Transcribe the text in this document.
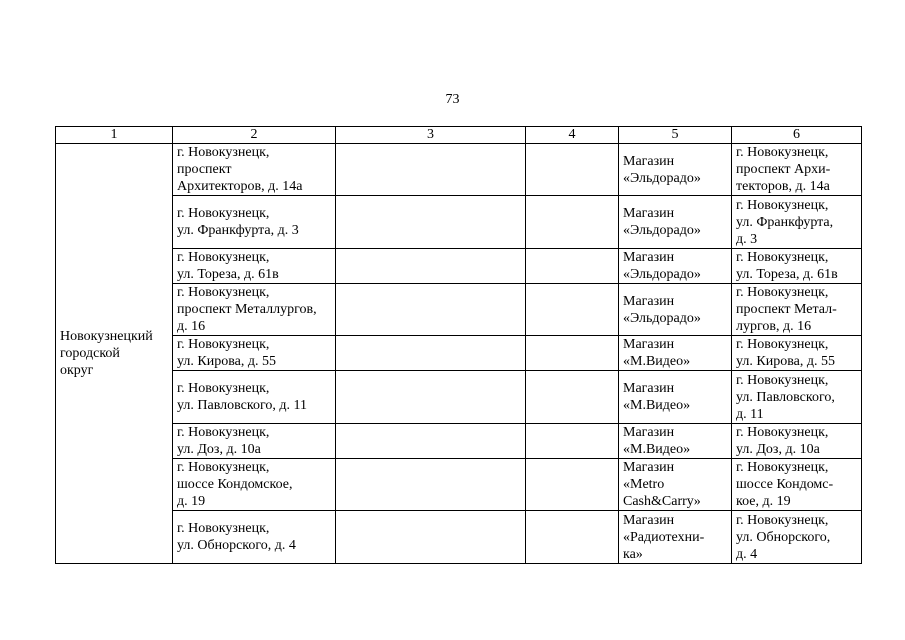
73
1	2	3	4	5	6
Новокузнецкий
городской
округ	г. Новокузнецк,
проспект
Архитекторов, д. 14а			Магазин
«Эльдорадо»	г. Новокузнецк,
проспект Архи-
текторов, д. 14а
	г. Новокузнецк,
ул. Франкфурта, д. 3			Магазин
«Эльдорадо»	г. Новокузнецк,
ул. Франкфурта,
д. 3
	г. Новокузнецк,
ул. Тореза, д. 61в			Магазин
«Эльдорадо»	г. Новокузнецк,
ул. Тореза, д. 61в
	г. Новокузнецк,
проспект Металлургов,
д. 16			Магазин
«Эльдорадо»	г. Новокузнецк,
проспект Метал-
лургов, д. 16
	г. Новокузнецк,
ул. Кирова, д. 55			Магазин
«М.Видео»	г. Новокузнецк,
ул. Кирова, д. 55
	г. Новокузнецк,
ул. Павловского, д. 11			Магазин
«М.Видео»	г. Новокузнецк,
ул. Павловского,
д. 11
	г. Новокузнецк,
ул. Доз, д. 10а			Магазин
«М.Видео»	г. Новокузнецк,
ул. Доз, д. 10а
	г. Новокузнецк,
шоссе Кондомское,
д. 19			Магазин
«Metro
Cash&Carry»	г. Новокузнецк,
шоссе Кондомс-
кое, д. 19
	г. Новокузнецк,
ул. Обнорского, д. 4			Магазин
«Радиотехни-
ка»	г. Новокузнецк,
ул. Обнорского,
д. 4
